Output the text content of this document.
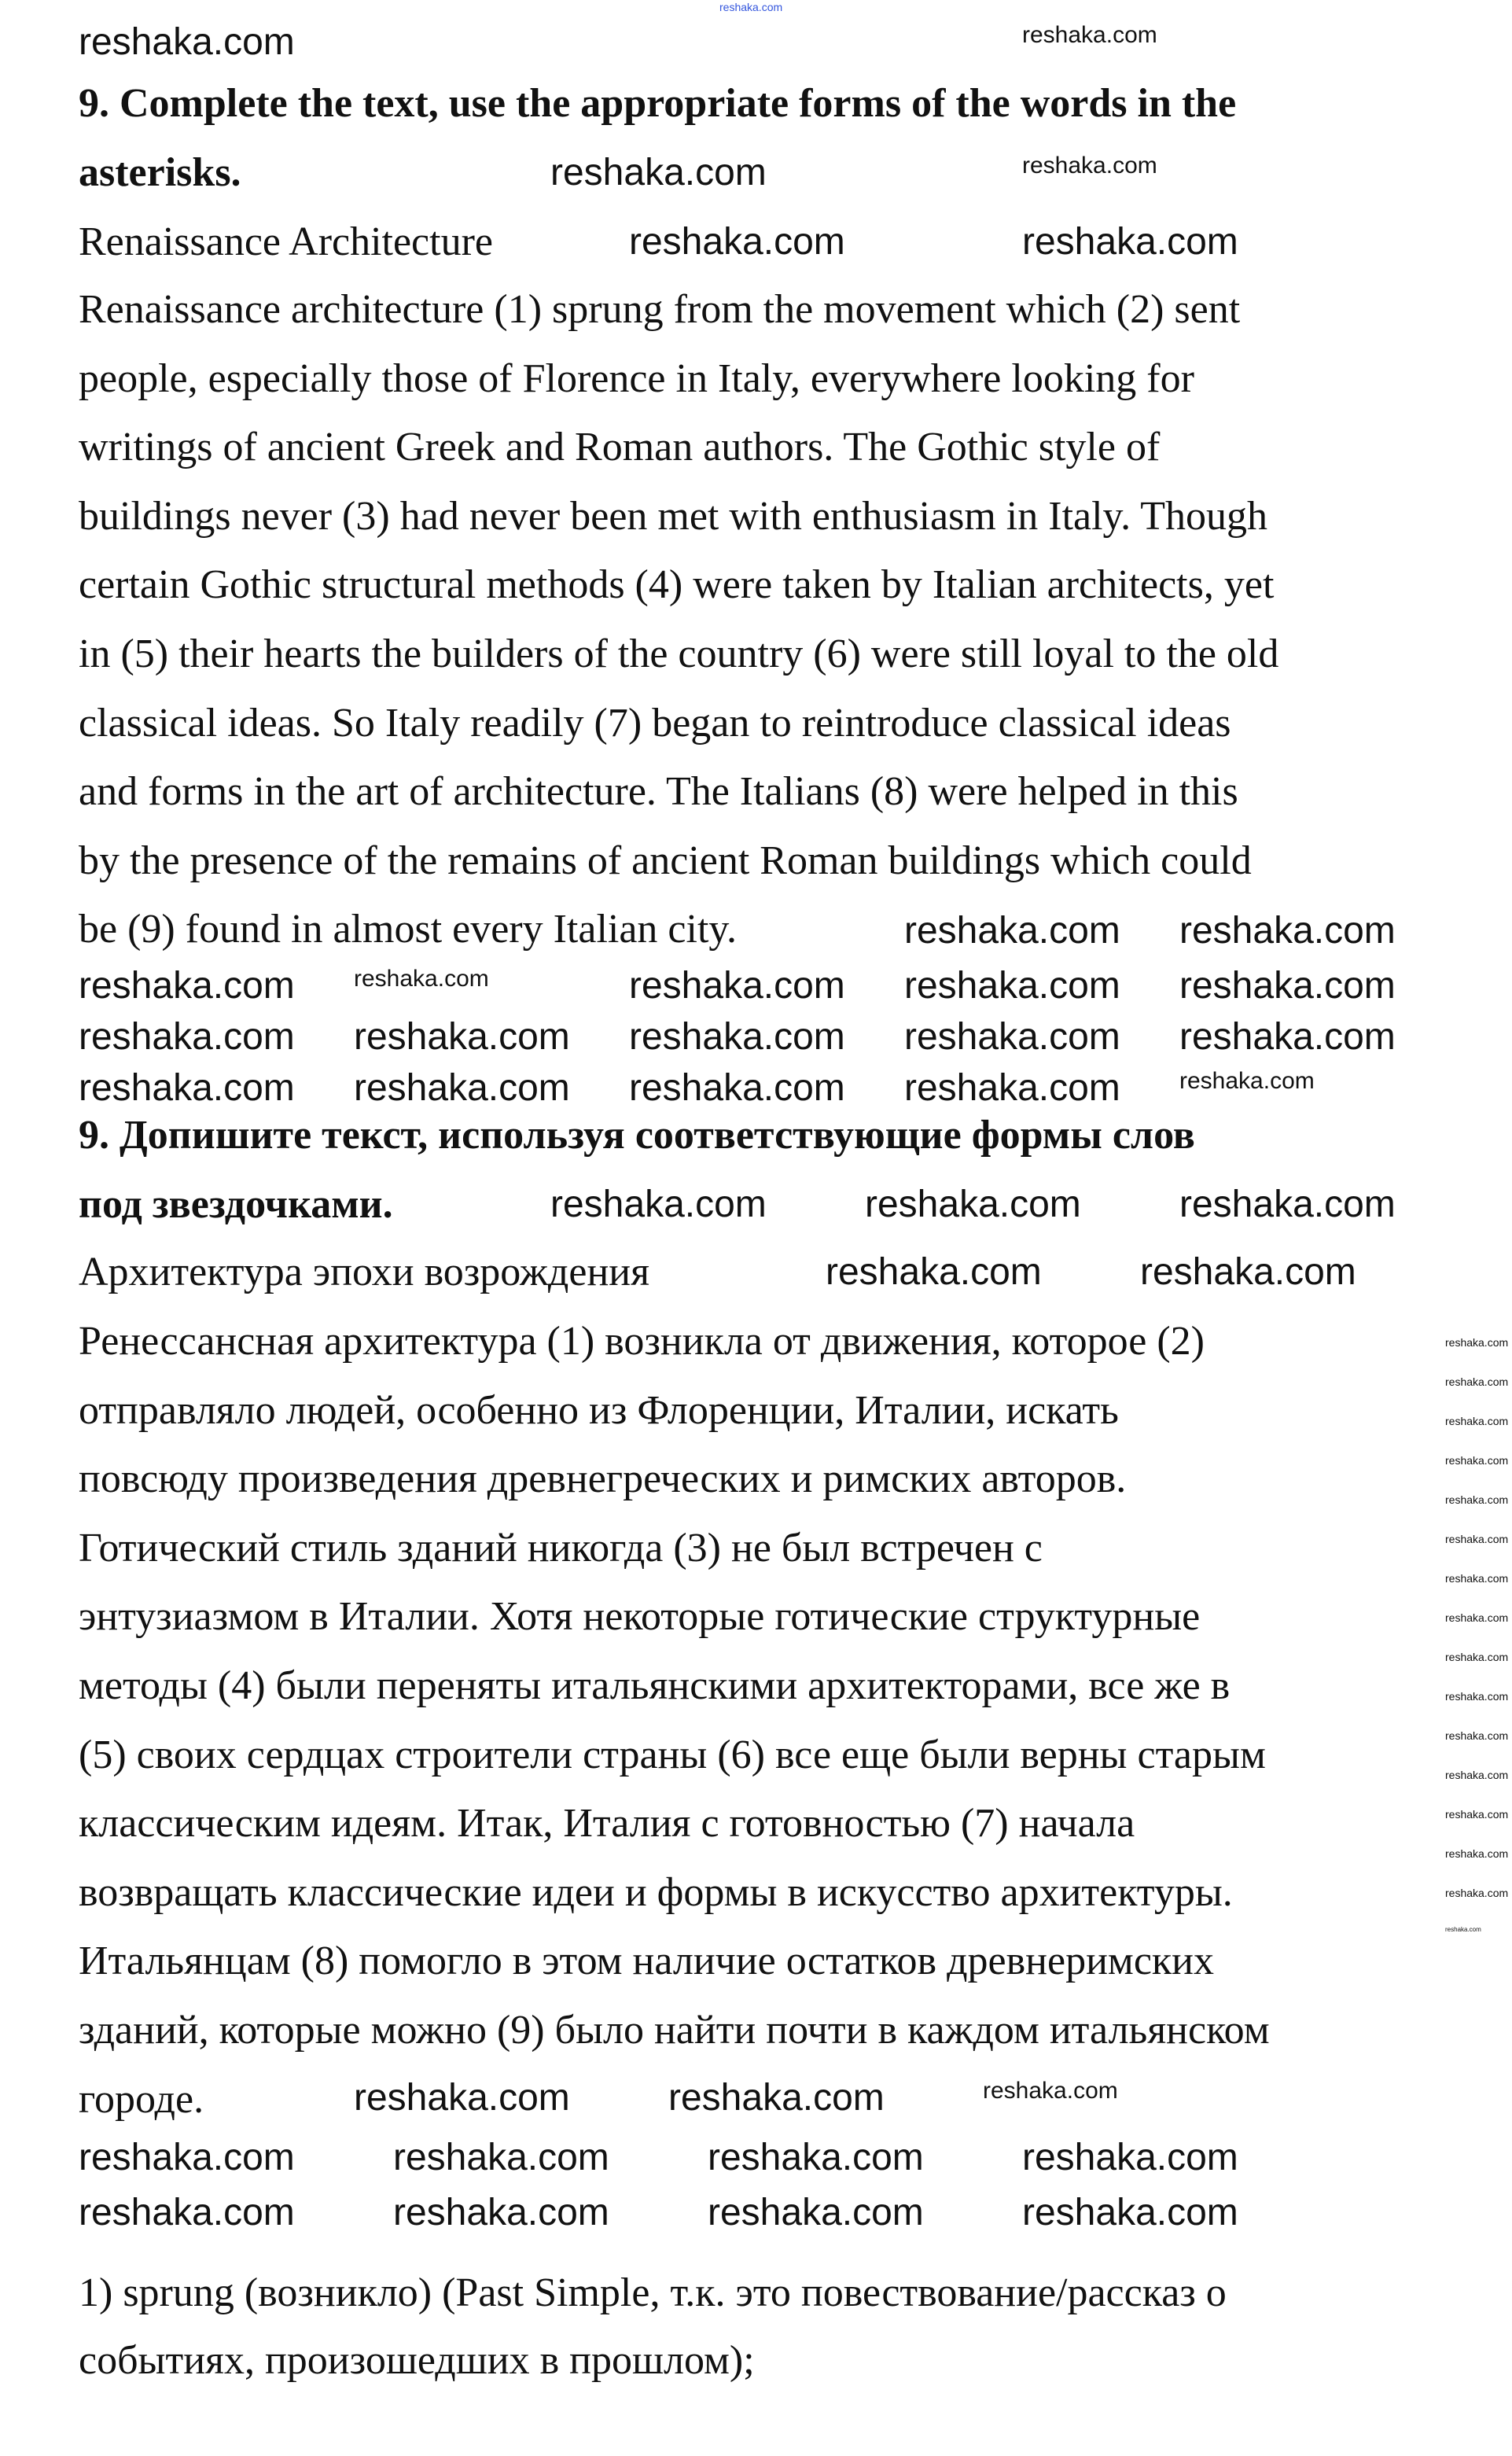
reshaka.com
9. Complete the text, use the appropriate forms of the words in the
asterisks.
Renaissance Architecture
Renaissance architecture (1) sprung from the movement which (2) sent
people, especially those of Florence in Italy, everywhere looking for
writings of ancient Greek and Roman authors. The Gothic style of
buildings never (3) had never been met with enthusiasm in Italy. Though
certain Gothic structural methods (4) were taken by Italian architects, yet
in (5) their hearts the builders of the country (6) were still loyal to the old
classical ideas. So Italy readily (7) began to reintroduce classical ideas
and forms in the art of architecture. The Italians (8) were helped in this
by the presence of the remains of ancient Roman buildings which could
be (9) found in almost every Italian city.
9. Допишите текст, используя соответствующие формы слов
под звездочками.
Архитектура эпохи возрождения
Ренессансная архитектура (1) возникла от движения, которое (2)
отправляло людей, особенно из Флоренции, Италии, искать
повсюду произведения древнегреческих и римских авторов.
Готический стиль зданий никогда (3) не был встречен с
энтузиазмом в Италии. Хотя некоторые готические структурные
методы (4) были переняты итальянскими архитекторами, все же в
(5) своих сердцах строители страны (6) все еще были верны старым
классическим идеям. Итак, Италия с готовностью (7) начала
возвращать классические идеи и формы в искусство архитектуры.
Итальянцам (8) помогло в этом наличие остатков древнеримских
зданий, которые можно (9) было найти почти в каждом итальянском
городе.
1) sprung (возникло) (Past Simple, т.к. это повествование/рассказ о
событиях, произошедших в прошлом);
reshaka.com	reshaka.com
reshaka.com	reshaka.com
reshaka.com	reshaka.com
reshaka.com reshaka.com
reshaka.com	reshaka.com	reshaka.com reshaka.com reshaka.com
reshaka.com reshaka.com reshaka.com reshaka.com reshaka.com
reshaka.com reshaka.com reshaka.com reshaka.com	reshaka.com
reshaka.com	reshaka.com	reshaka.com
reshaka.com	reshaka.com
reshaka.com	reshaka.com	reshaka.com
reshaka.com	reshaka.com	reshaka.com	reshaka.com
reshaka.com	reshaka.com	reshaka.com	reshaka.com
reshaka.com
reshaka.com
reshaka.com
reshaka.com
reshaka.com
reshaka.com
reshaka.com
reshaka.com
reshaka.com
reshaka.com
reshaka.com
reshaka.com
reshaka.com
reshaka.com
reshaka.com
reshaka.com
